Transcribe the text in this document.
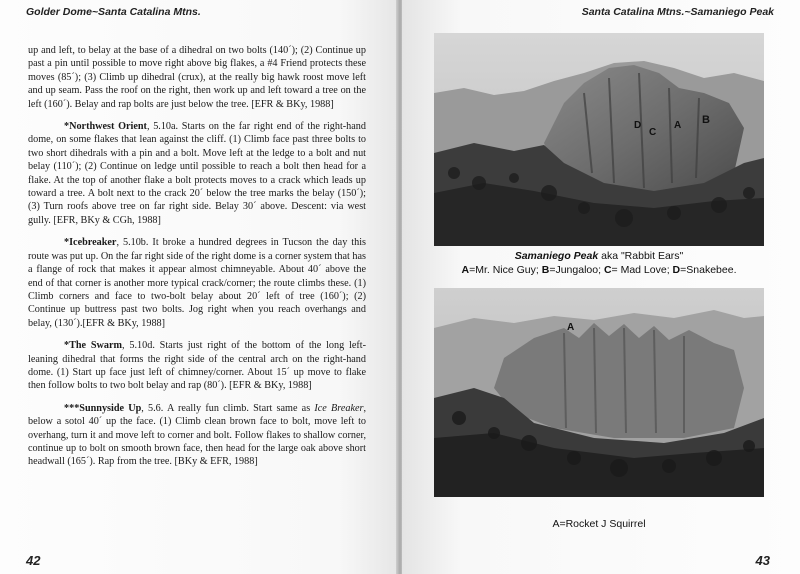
Golder Dome~Santa Catalina Mtns.

up and left, to belay at the base of a dihedral on two bolts (140´); (2) Continue up past a pin until possible to move right above big flakes, a #4 Friend protects these moves (85´); (3) Climb up dihedral (crux), at the really big hawk roost move left and up seam. Pass the roof on the right, then work up and left toward a tree on the left (160´). Belay and rap bolts are just below the tree. [EFR & BKy, 1988]

*Northwest Orient, 5.10a. Starts on the far right end of the right-hand dome, on some flakes that lean against the cliff. (1) Climb face past three bolts to two short dihedrals with a pin and a bolt. Move left at the ledge to a bolt and nut belay (110´); (2) Continue on ledge until possible to reach a bolt then head for a flake. At the top of another flake a bolt protects moves to a crack which leads up toward a tree. A bolt next to the crack 20´ below the tree marks the belay (150´); (3) Turn roofs above tree on far right side. Belay 30´ above. Descent: via west gully. [EFR, BKy & CGh, 1988]

*Icebreaker, 5.10b. It broke a hundred degrees in Tucson the day this route was put up. On the far right side of the right dome is a corner system that has a flange of rock that makes it appear almost chimneyable. About 40´ above the end of that corner is another more typical crack/corner; the route climbs these. (1) Climb corners and face to two-bolt belay about 20´ left of tree (160´); (2) Continue up buttress past two bolts. Jog right when you reach overhangs and belay, (130´).[EFR & BKy, 1988]

*The Swarm, 5.10d. Starts just right of the bottom of the long left-leaning dihedral that forms the right side of the central arch on the right-hand dome. (1) Start up face just left of chimney/corner. About 15´ up move to flake then follow bolts to two bolt belay and rap (80´). [EFR & BKy, 1988]

***Sunnyside Up, 5.6. A really fun climb. Start same as Ice Breaker, below a sotol 40´ up the face. (1) Climb clean brown face to bolt, move left to overhang, turn it and move left to corner and bolt. Follow flakes to shallow corner, continue up to bolt on smooth brown face, then head for the large oak above short headwall (165´). Rap from the tree. [BKy & EFR, 1988]

42
Santa Catalina Mtns.~Samaniego Peak
D
C
A B
Samaniego Peak aka "Rabbit Ears"
A=Mr. Nice Guy; B=Jungaloo; C= Mad Love; D=Snakebee.
A
A=Rocket J Squirrel
43
